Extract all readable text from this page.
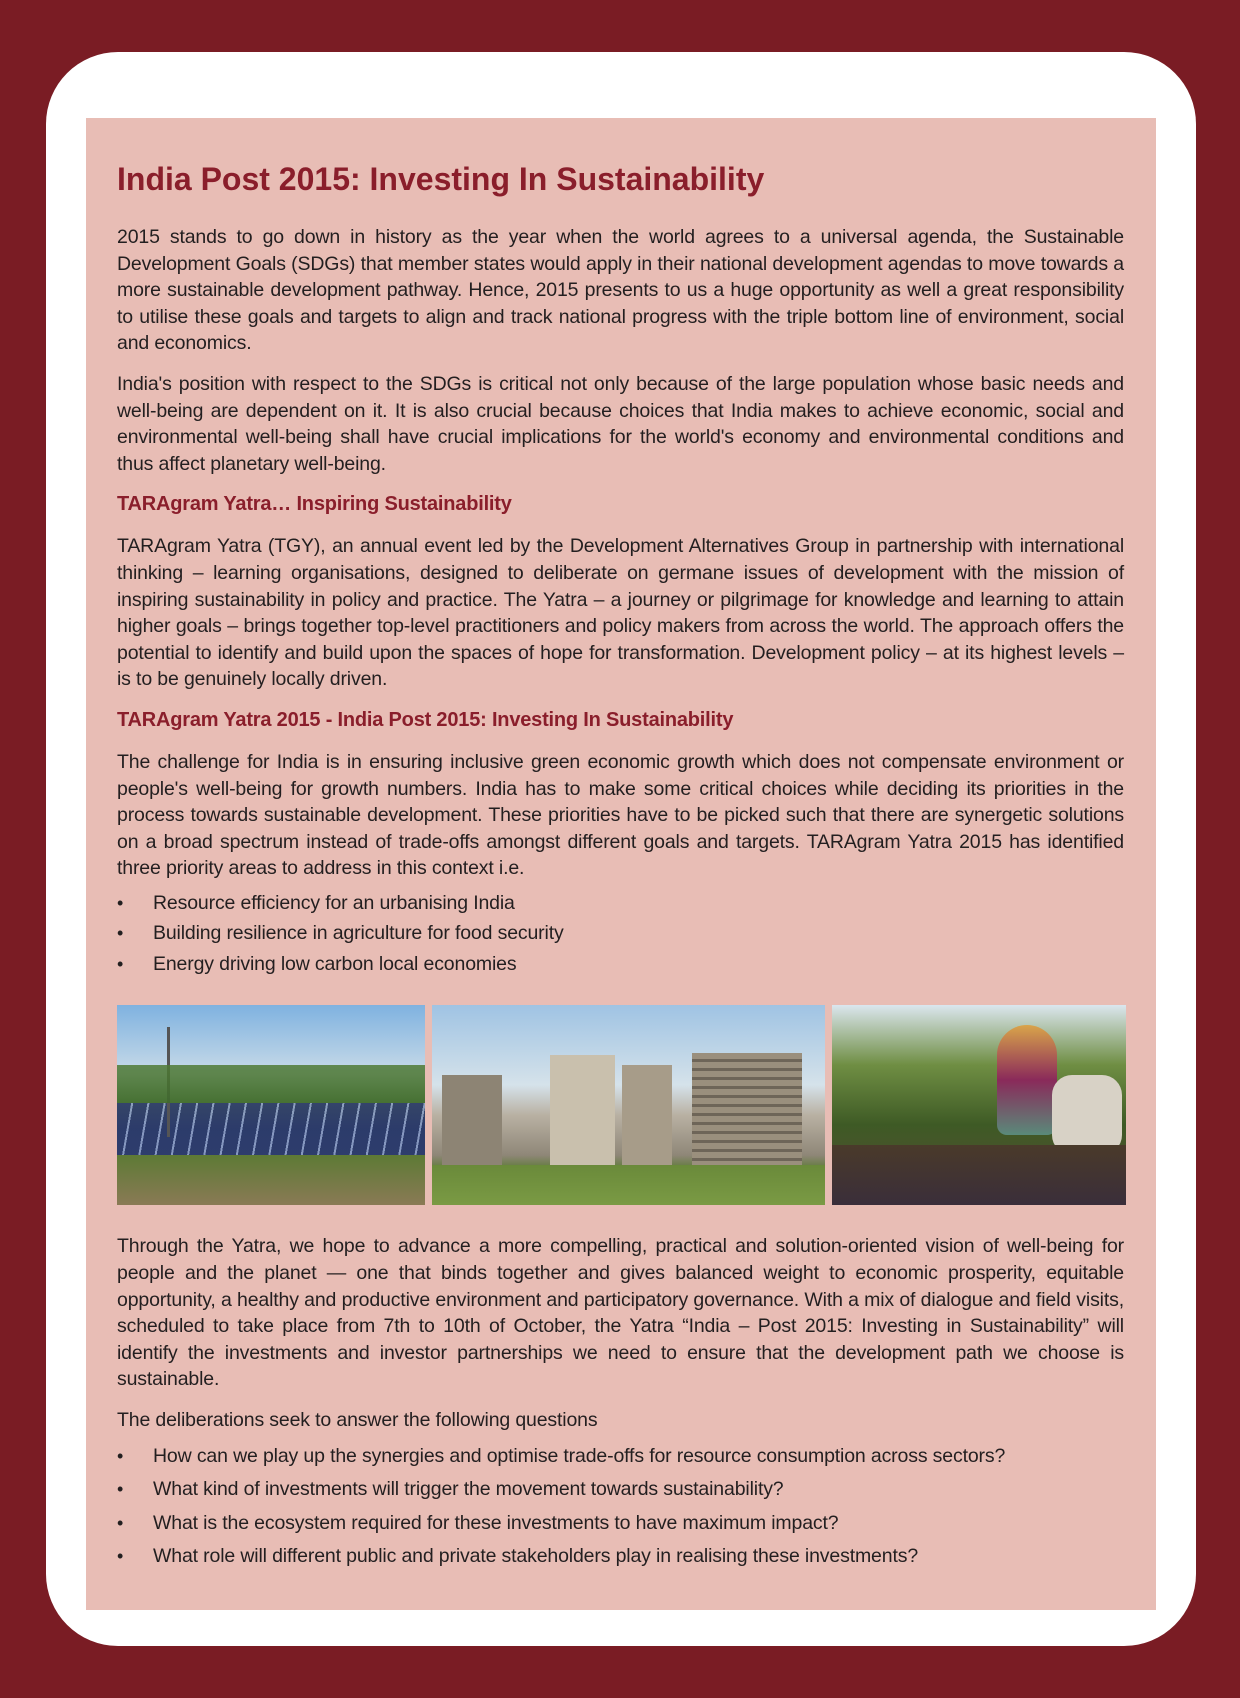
India Post 2015: Investing In Sustainability

2015 stands to go down in history as the year when the world agrees to a universal agenda, the Sustainable Development Goals (SDGs) that member states would apply in their national development agendas to move towards a more sustainable development pathway. Hence, 2015 presents to us a huge opportunity as well a great responsibility to utilise these goals and targets to align and track national progress with the triple bottom line of environment, social and economics.

India's position with respect to the SDGs is critical not only because of the large population whose basic needs and well-being are dependent on it. It is also crucial because choices that India makes to achieve economic, social and environmental well-being shall have crucial implications for the world's economy and environmental conditions and thus affect planetary well-being.

TARAgram Yatra… Inspiring Sustainability

TARAgram Yatra (TGY), an annual event led by the Development Alternatives Group in partnership with international thinking – learning organisations, designed to deliberate on germane issues of development with the mission of inspiring sustainability in policy and practice. The Yatra – a journey or pilgrimage for knowledge and learning to attain higher goals – brings together top-level practitioners and policy makers from across the world. The approach offers the potential to identify and build upon the spaces of hope for transformation. Development policy – at its highest levels – is to be genuinely locally driven.

TARAgram Yatra 2015 - India Post 2015: Investing In Sustainability

The challenge for India is in ensuring inclusive green economic growth which does not compensate environment or people's well-being for growth numbers. India has to make some critical choices while deciding its priorities in the process towards sustainable development. These priorities have to be picked such that there are synergetic solutions on a broad spectrum instead of trade-offs amongst different goals and targets. TARAgram Yatra 2015 has identified three priority areas to address in this context i.e.

• Resource efficiency for an urbanising India
• Building resilience in agriculture for food security
• Energy driving low carbon local economies

Through the Yatra, we hope to advance a more compelling, practical and solution-oriented vision of well-being for people and the planet — one that binds together and gives balanced weight to economic prosperity, equitable opportunity, a healthy and productive environment and participatory governance. With a mix of dialogue and field visits, scheduled to take place from 7th to 10th of October, the Yatra “India – Post 2015: Investing in Sustainability” will identify the investments and investor partnerships we need to ensure that the development path we choose is sustainable.

The deliberations seek to answer the following questions

• How can we play up the synergies and optimise trade-offs for resource consumption across sectors?
• What kind of investments will trigger the movement towards sustainability?
• What is the ecosystem required for these investments to have maximum impact?
• What role will different public and private stakeholders play in realising these investments?
